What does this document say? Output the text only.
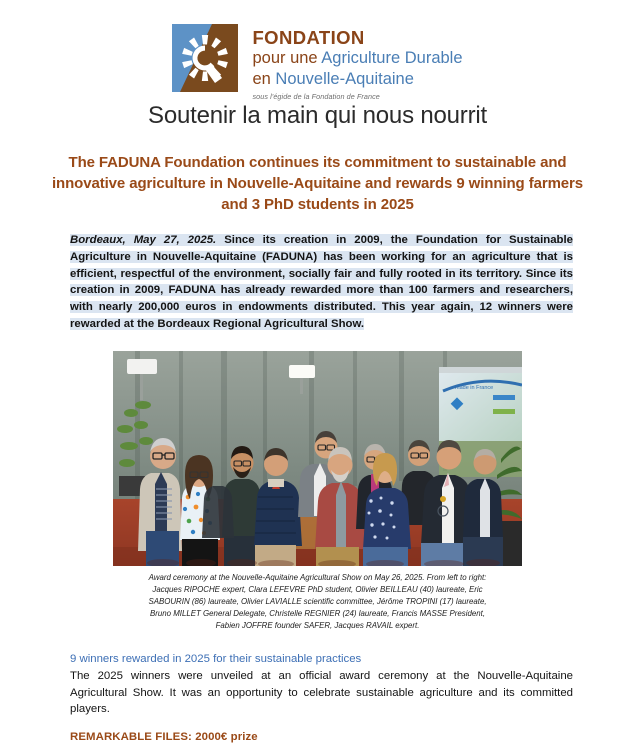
FONDATION
pour une Agriculture Durable
en Nouvelle-Aquitaine
sous l'égide de la Fondation de France
Soutenir la main qui nous nourrit
The FADUNA Foundation continues its commitment to sustainable and innovative agriculture in Nouvelle-Aquitaine and rewards 9 winning farmers and 3 PhD students in 2025

Bordeaux, May 27, 2025. Since its creation in 2009, the Foundation for Sustainable Agriculture in Nouvelle-Aquitaine (FADUNA) has been working for an agriculture that is efficient, respectful of the environment, socially fair and fully rooted in its territory. Since its creation in 2009, FADUNA has already rewarded more than 100 farmers and researchers, with nearly 200,000 euros in endowments distributed. This year again, 12 winners were rewarded at the Bordeaux Regional Agricultural Show.

made in France
Award ceremony at the Nouvelle-Aquitaine Agricultural Show on May 26, 2025. From left to right: Jacques RIPOCHE expert, Clara LEFEVRE PhD student, Olivier BEILLEAU (40) laureate, Eric SABOURIN (86) laureate, Olivier LAVIALLE scientific committee, Jérôme TROPINI (17) laureate, Bruno MILLET General Delegate, Christelle REGNIER (24) laureate, Francis MASSE President, Fabien JOFFRE founder SAFER, Jacques RAVAIL expert.
9 winners rewarded in 2025 for their sustainable practices

The 2025 winners were unveiled at an official award ceremony at the Nouvelle-Aquitaine Agricultural Show. It was an opportunity to celebrate sustainable agriculture and its committed players.

REMARKABLE FILES: 2000€ prize
